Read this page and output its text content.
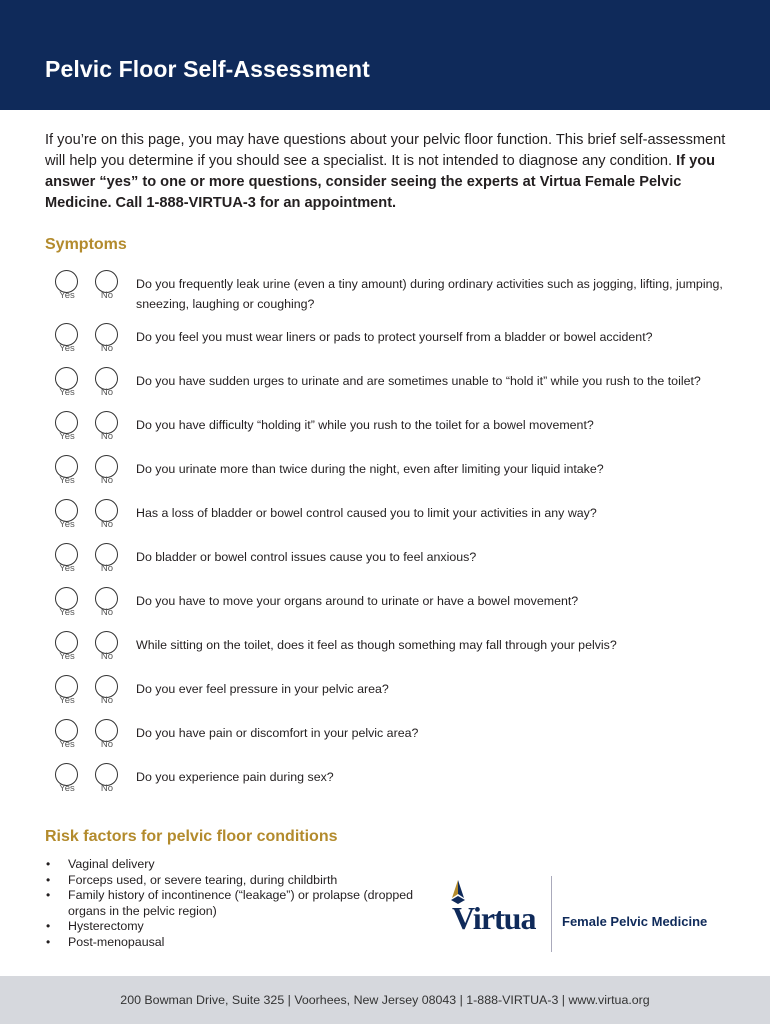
Pelvic Floor Self-Assessment

If you’re on this page, you may have questions about your pelvic floor function. This brief self-assessment will help you determine if you should see a specialist. It is not intended to diagnose any condition. If you answer “yes” to one or more questions, consider seeing the experts at Virtua Female Pelvic Medicine. Call 1-888-VIRTUA-3 for an appointment.

Symptoms
Yes	No
Do you frequently leak urine (even a tiny amount) during ordinary activities such as jogging, lifting, jumping, sneezing, laughing or coughing?
Yes	No
Do you feel you must wear liners or pads to protect yourself from a bladder or bowel accident?
Yes	No
Do you have sudden urges to urinate and are sometimes unable to “hold it” while you rush to the toilet?
Yes	No
Do you have difficulty “holding it” while you rush to the toilet for a bowel movement?
Yes	No
Do you urinate more than twice during the night, even after limiting your liquid intake?
Yes	No
Has a loss of bladder or bowel control caused you to limit your activities in any way?
Yes	No
Do bladder or bowel control issues cause you to feel anxious?
Yes	No
Do you have to move your organs around to urinate or have a bowel movement?
Yes	No
While sitting on the toilet, does it feel as though something may fall through your pelvis?
Yes	No
Do you ever feel pressure in your pelvic area?
Yes	No
Do you have pain or discomfort in your pelvic area?
Yes	No
Do you experience pain during sex?
Risk factors for pelvic floor conditions
• Vaginal delivery
• Forceps used, or severe tearing, during childbirth
• Family history of incontinence (“leakage”) or prolapse (dropped organs in the pelvic region)
• Hysterectomy
• Post-menopausal
Virtua Female Pelvic Medicine
200 Bowman Drive, Suite 325 | Voorhees, New Jersey 08043 | 1-888-VIRTUA-3 | www.virtua.org
